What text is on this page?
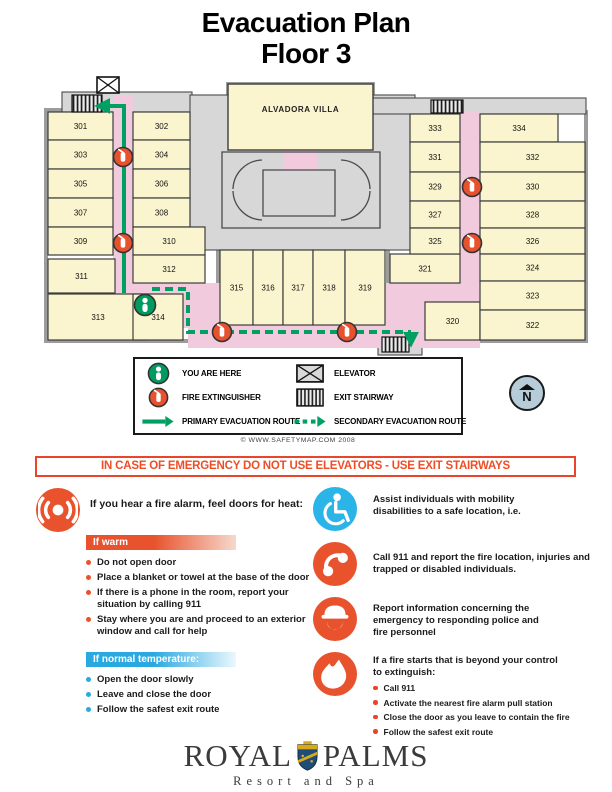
Evacuation Plan
Floor 3
ALVADORA VILLA
301
303
305
307
309
311
313
302
304
306
308
310
312
314
315 316 317 318	319
321
320
333
331
329
327
325
334
332
330
328
326
324
323
322
YOU ARE HERE	ELEVATOR
FIRE EXTINGUISHER	EXIT STAIRWAY
PRIMARY EVACUATION ROUTE	SECONDARY EVACUATION ROUTE
© WWW.SAFETYMAP.COM 2008
N
IN CASE OF EMERGENCY DO NOT USE ELEVATORS - USE EXIT STAIRWAYS
If you hear a fire alarm, feel doors for heat:
If warm
Do not open door
Place a blanket or towel at the base of the door
If there is a phone in the room, report your situation by calling 911
Stay where you are and proceed to an exterior window and call for help
If normal temperature:
Open the door slowly
Leave and close the door
Follow the safest exit route
Assist individuals with mobility disabilities to a safe location, i.e.
Call 911 and report the fire location, injuries and trapped or disabled individuals.
Report information concerning the emergency to responding police and fire personnel
If a fire starts that is beyond your control to extinguish:
Call 911
Activate the nearest fire alarm pull station
Close the door as you leave to contain the fire
Follow the safest exit route
ROYAL PALMS
Resort and Spa
